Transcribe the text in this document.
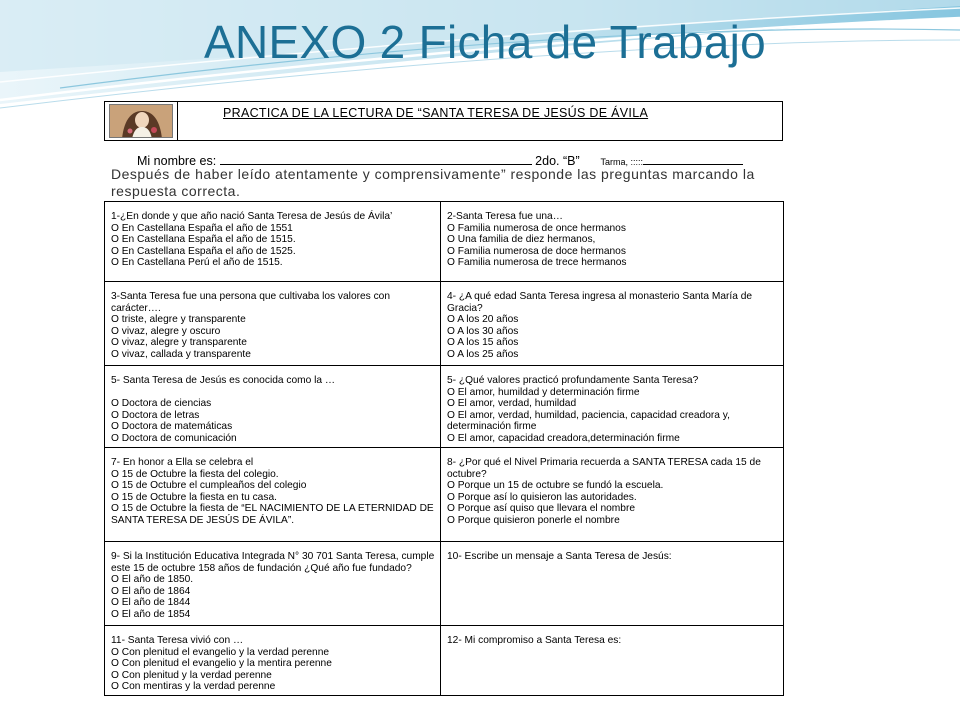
ANEXO 2 Ficha de Trabajo
PRACTICA DE LA LECTURA DE “SANTA TERESA DE JESÚS DE ÁVILA
Mi nombre es:	2do. “B” Tarma, :::::
Después de haber leído atentamente y comprensivamente” responde las preguntas marcando la respuesta correcta.

1-¿En donde y que año nació Santa Teresa de Jesús de Ávila’

O En Castellana España el año de 1551
O En Castellana España el año de 1515.
O En Castellana España el año de 1525.
O En Castellana Perú el año de 1515.

2-Santa Teresa fue una…

O Familia numerosa de once hermanos
O Una familia de diez hermanos,
O Familia numerosa de doce hermanos
O Familia numerosa de trece hermanos

3-Santa Teresa fue una persona que cultivaba los valores con carácter….

O triste, alegre y transparente
O vivaz, alegre y oscuro
O vivaz, alegre y transparente
O vivaz, callada y transparente

4- ¿A qué edad Santa Teresa ingresa al monasterio Santa María de Gracia?

O A los 20 años
O A los 30 años
O A los 15 años
O A los 25 años

5- Santa Teresa de Jesús es conocida como la …

O Doctora de ciencias
O Doctora de letras
O Doctora de matemáticas
O Doctora de comunicación

5- ¿Qué valores practicó profundamente Santa Teresa?

O El amor, humildad y determinación firme
O El amor, verdad, humildad
O El amor, verdad, humildad, paciencia, capacidad creadora y, determinación firme
O El amor, capacidad creadora,determinación firme

7- En honor a Ella se celebra el

O 15 de Octubre la fiesta del colegio.
O 15 de Octubre el cumpleaños del colegio
O 15 de Octubre la fiesta en tu casa.
O 15 de Octubre la fiesta de “EL NACIMIENTO DE LA ETERNIDAD DE SANTA TERESA DE JESÚS DE ÁVILA”.

8- ¿Por qué el Nivel Primaria recuerda a SANTA TERESA cada 15 de octubre?

O Porque un 15 de octubre se fundó la escuela.
O Porque así lo quisieron las autoridades.
O Porque así quiso que llevara el nombre
O Porque quisieron ponerle el nombre

9- Si la Institución Educativa Integrada N° 30 701 Santa Teresa, cumple este 15 de octubre 158 años de fundación ¿Qué año fue fundado?

O El año de 1850.
O El año de 1864
O El año de 1844
O El año de 1854

10- Escribe un mensaje a Santa Teresa de Jesús:

11- Santa Teresa vivió con …

O Con plenitud el evangelio y la verdad perenne
O Con plenitud el evangelio y la mentira perenne
O Con plenitud y la verdad perenne
O Con mentiras y la verdad perenne

12- Mi compromiso a Santa Teresa es:
